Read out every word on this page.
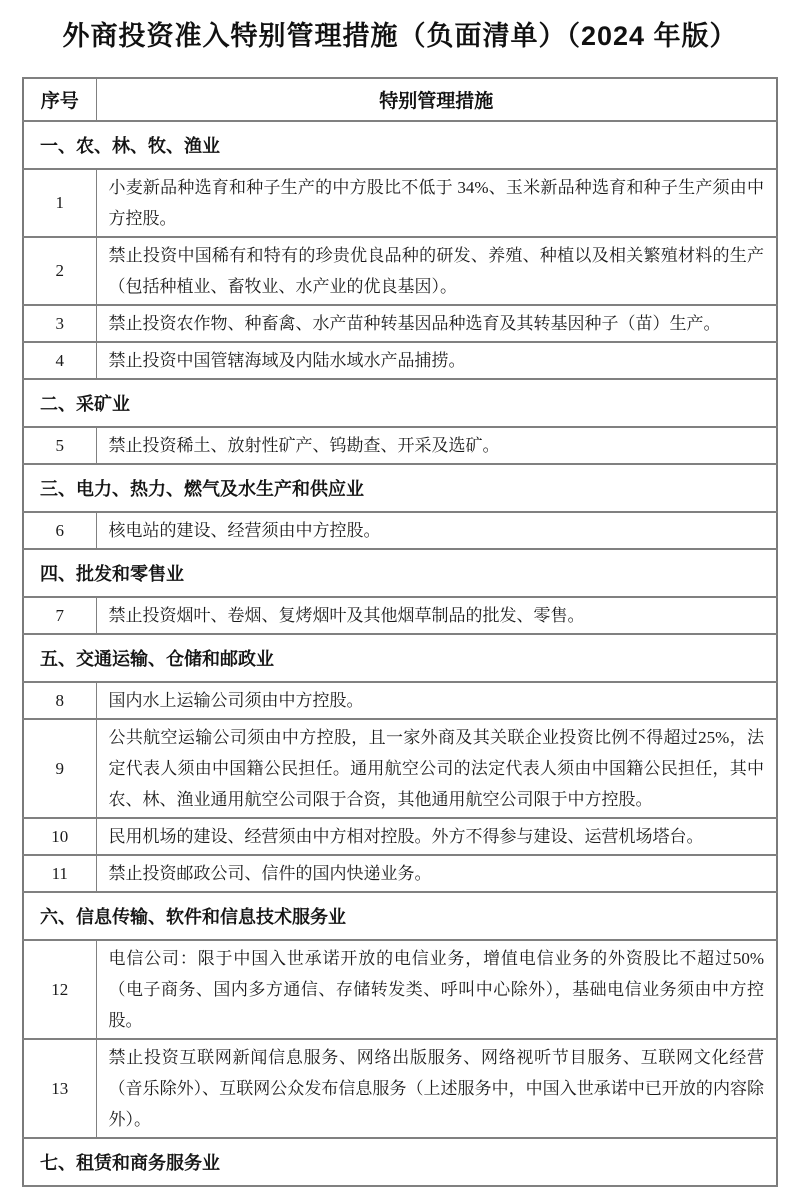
外商投资准入特别管理措施（负面清单）（2024 年版）
序号	特别管理措施
一、农、林、牧、渔业	
1	小麦新品种选育和种子生产的中方股比不低于 34%、玉米新品种选育和种子生产须由中方控股。
2	禁止投资中国稀有和特有的珍贵优良品种的研发、养殖、种植以及相关繁殖材料的生产（包括种植业、畜牧业、水产业的优良基因）。
3	禁止投资农作物、种畜禽、水产苗种转基因品种选育及其转基因种子（苗）生产。
4	禁止投资中国管辖海域及内陆水域水产品捕捞。
二、采矿业	
5	禁止投资稀土、放射性矿产、钨勘查、开采及选矿。
三、电力、热力、燃气及水生产和供应业	
6	核电站的建设、经营须由中方控股。
四、批发和零售业	
7	禁止投资烟叶、卷烟、复烤烟叶及其他烟草制品的批发、零售。
五、交通运输、仓储和邮政业	
8	国内水上运输公司须由中方控股。
9	公共航空运输公司须由中方控股，且一家外商及其关联企业投资比例不得超过25%，法定代表人须由中国籍公民担任。通用航空公司的法定代表人须由中国籍公民担任，其中农、林、渔业通用航空公司限于合资，其他通用航空公司限于中方控股。
10	民用机场的建设、经营须由中方相对控股。外方不得参与建设、运营机场塔台。
11	禁止投资邮政公司、信件的国内快递业务。
六、信息传输、软件和信息技术服务业	
12	电信公司：限于中国入世承诺开放的电信业务，增值电信业务的外资股比不超过50%（电子商务、国内多方通信、存储转发类、呼叫中心除外），基础电信业务须由中方控股。
13	禁止投资互联网新闻信息服务、网络出版服务、网络视听节目服务、互联网文化经营（音乐除外）、互联网公众发布信息服务（上述服务中，中国入世承诺中已开放的内容除外）。
七、租赁和商务服务业	
